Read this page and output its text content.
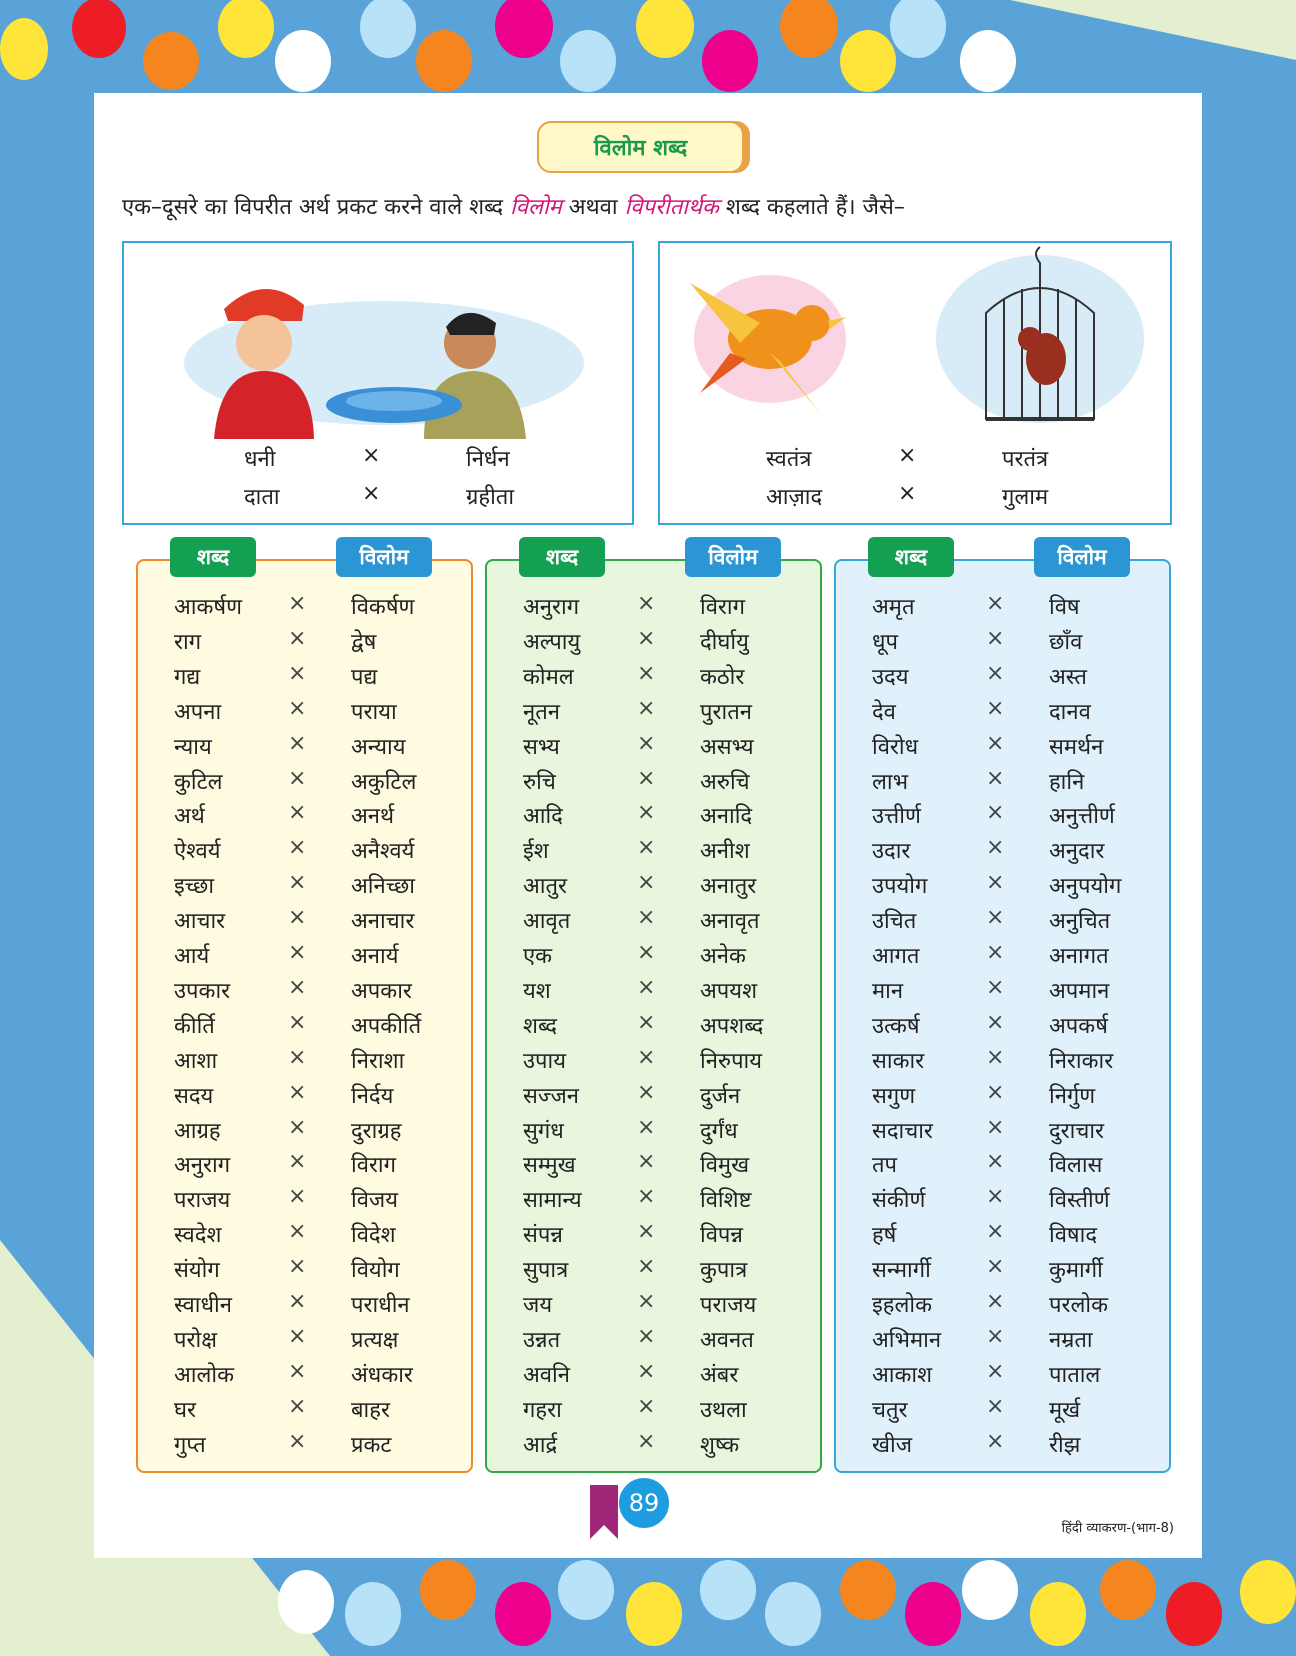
विलोम शब्द
एक–दूसरे का विपरीत अर्थ प्रकट करने वाले शब्द विलोम अथवा विपरीतार्थक शब्द कहलाते हैं। जैसे–
धनी	×	निर्धन
दाता	×	ग्रहीता
स्वतंत्र	×	परतंत्र
आज़ाद	×	गुलाम
शब्द	विलोम
आकर्षण × विकर्षण
राग	× द्वेष
गद्य	× पद्य
अपना	× पराया
न्याय	× अन्याय
कुटिल	× अकुटिल
अर्थ	× अनर्थ
ऐश्वर्य	× अनैश्वर्य
इच्छा	× अनिच्छा
आचार	× अनाचार
आर्य	× अनार्य
उपकार	× अपकार
कीर्ति	× अपकीर्ति
आशा	× निराशा
सदय	× निर्दय
आग्रह	× दुराग्रह
अनुराग	× विराग
पराजय	× विजय
स्वदेश	× विदेश
संयोग	× वियोग
स्वाधीन	× पराधीन
परोक्ष	× प्रत्यक्ष
आलोक × अंधकार
घर	× बाहर
गुप्त	× प्रकट
शब्द	विलोम
अनुराग	× विराग
अल्पायु	× दीर्घायु
कोमल	× कठोर
नूतन	× पुरातन
सभ्य	× असभ्य
रुचि	× अरुचि
आदि	× अनादि
ईश	× अनीश
आतुर	× अनातुर
आवृत	× अनावृत
एक	× अनेक
यश	× अपयश
शब्द	× अपशब्द
उपाय	× निरुपाय
सज्जन	× दुर्जन
सुगंध	× दुर्गंध
सम्मुख	× विमुख
सामान्य	× विशिष्ट
संपन्न	× विपन्न
सुपात्र	× कुपात्र
जय	× पराजय
उन्नत	× अवनत
अवनि	× अंबर
गहरा	× उथला
आर्द्र	× शुष्क
शब्द	विलोम
अमृत	× विष
धूप	× छाँव
उदय	× अस्त
देव	× दानव
विरोध	× समर्थन
लाभ	× हानि
उत्तीर्ण	× अनुत्तीर्ण
उदार	× अनुदार
उपयोग	× अनुपयोग
उचित	× अनुचित
आगत	× अनागत
मान	× अपमान
उत्कर्ष	× अपकर्ष
साकार	× निराकार
सगुण	× निर्गुण
सदाचार × दुराचार
तप	× विलास
संकीर्ण	× विस्तीर्ण
हर्ष	× विषाद
सन्मार्गी	× कुमार्गी
इहलोक × परलोक
अभिमान × नम्रता
आकाश × पाताल
चतुर	× मूर्ख
खीज	× रीझ
89
हिंदी व्याकरण-(भाग-8)
